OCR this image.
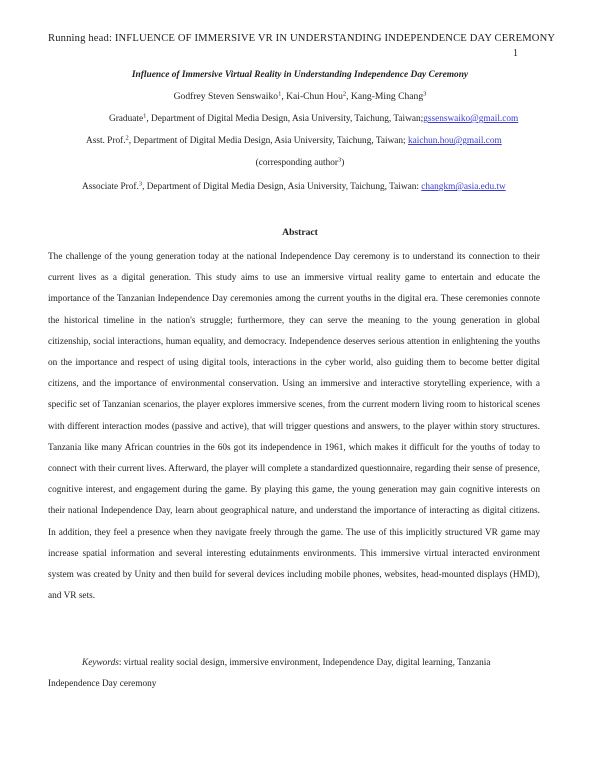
Running head: INFLUENCE OF IMMERSIVE VR IN UNDERSTANDING INDEPENDENCE DAY CEREMONY
1
Influence of Immersive Virtual Reality in Understanding Independence Day Ceremony
Godfrey Steven Senswaiko$^1$, Kai-Chun Hou$^2$, Kang-Ming Chang$^3$
Graduate$^1$, Department of Digital Media Design, Asia University, Taichung, Taiwan;gssenswaiko@gmail.com
Asst. Prof.$^2$, Department of Digital Media Design, Asia University, Taichung, Taiwan; kaichun.hou@gmail.com
(corresponding author$^3$)
Associate Prof.$^3$, Department of Digital Media Design, Asia University, Taichung, Taiwan: changkm@asia.edu.tw
Abstract

The challenge of the young generation today at the national Independence Day ceremony is to understand its connection to their current lives as a digital generation. This study aims to use an immersive virtual reality game to entertain and educate the importance of the Tanzanian Independence Day ceremonies among the current youths in the digital era. These ceremonies connote the historical timeline in the nation's struggle; furthermore, they can serve the meaning to the young generation in global citizenship, social interactions, human equality, and democracy. Independence deserves serious attention in enlightening the youths on the importance and respect of using digital tools, interactions in the cyber world, also guiding them to become better digital citizens, and the importance of environmental conservation. Using an immersive and interactive storytelling experience, with a specific set of Tanzanian scenarios, the player explores immersive scenes, from the current modern living room to historical scenes with different interaction modes (passive and active), that will trigger questions and answers, to the player within story structures. Tanzania like many African countries in the 60s got its independence in 1961, which makes it difficult for the youths of today to connect with their current lives. Afterward, the player will complete a standardized questionnaire, regarding their sense of presence, cognitive interest, and engagement during the game. By playing this game, the young generation may gain cognitive interests on their national Independence Day, learn about geographical nature, and understand the importance of interacting as digital citizens. In addition, they feel a presence when they navigate freely through the game. The use of this implicitly structured VR game may increase spatial information and several interesting edutainments environments. This immersive virtual interacted environment system was created by Unity and then build for several devices including mobile phones, websites, head-mounted displays (HMD), and VR sets.

Keywords: virtual reality social design, immersive environment, Independence Day, digital learning, Tanzania Independence Day ceremony
